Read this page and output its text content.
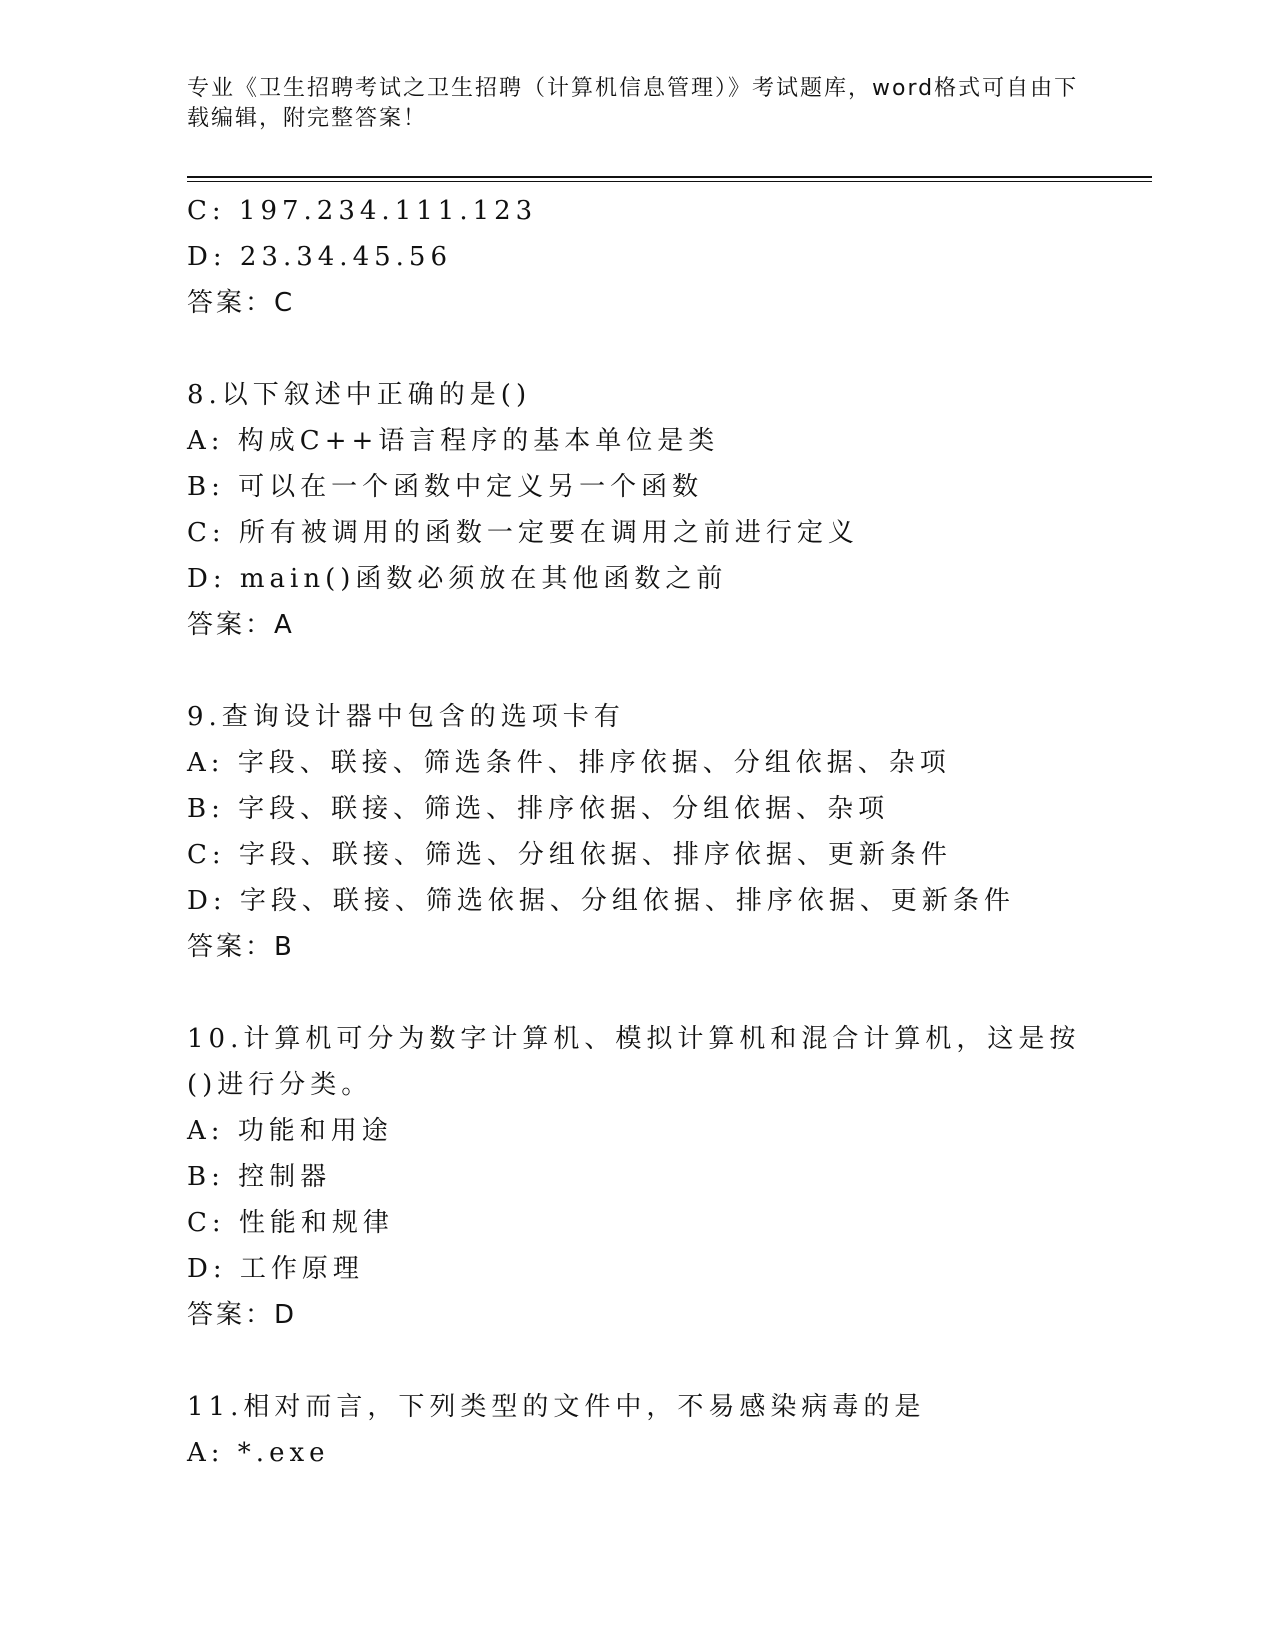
专业《卫生招聘考试之卫生招聘（计算机信息管理）》考试题库，word格式可自由下载编辑，附完整答案！
C: 197.234.111.123
D: 23.34.45.56
答案：C
8.以下叙述中正确的是()
A: 构成C++语言程序的基本单位是类
B: 可以在一个函数中定义另一个函数
C: 所有被调用的函数一定要在调用之前进行定义
D: main()函数必须放在其他函数之前
答案：A
9.查询设计器中包含的选项卡有
A: 字段、联接、筛选条件、排序依据、分组依据、杂项
B: 字段、联接、筛选、排序依据、分组依据、杂项
C: 字段、联接、筛选、分组依据、排序依据、更新条件
D: 字段、联接、筛选依据、分组依据、排序依据、更新条件
答案：B
10.计算机可分为数字计算机、模拟计算机和混合计算机，这是按()进行分类。
A: 功能和用途
B: 控制器
C: 性能和规律
D: 工作原理
答案：D
11.相对而言，下列类型的文件中，不易感染病毒的是
A: *.exe
